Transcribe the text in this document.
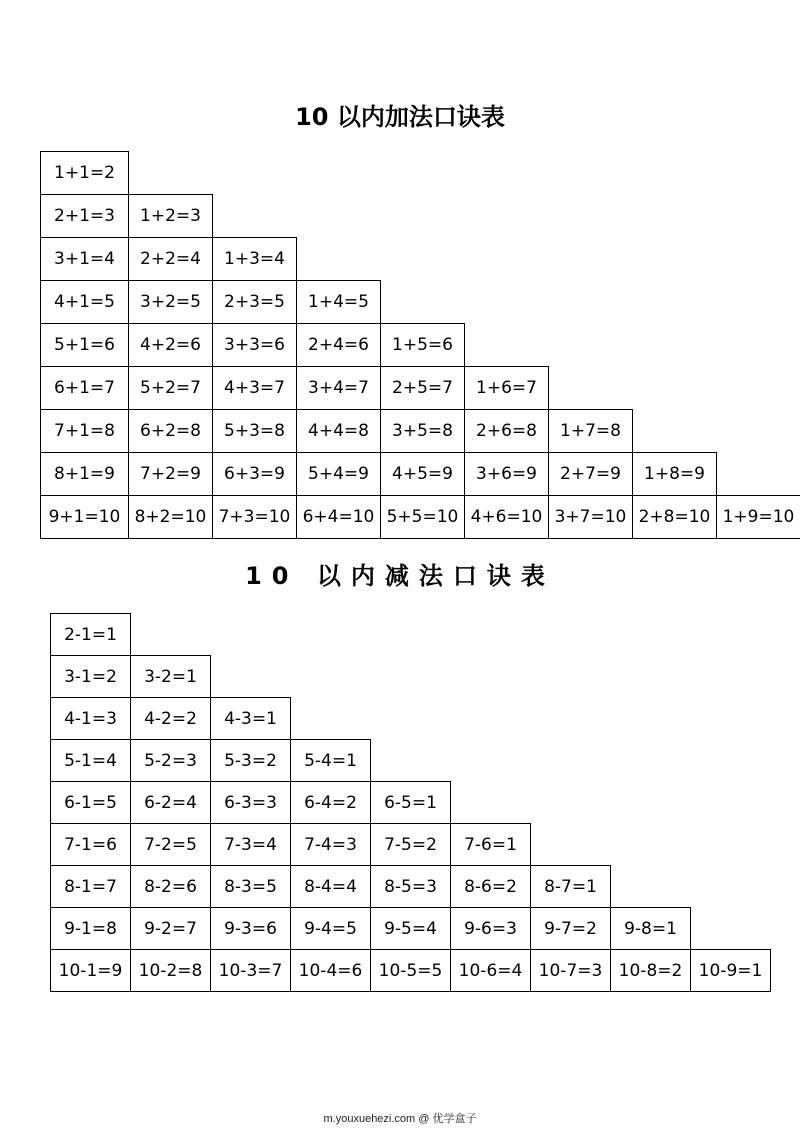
10 以内加法口诀表
1+1=2
2+1=3	1+2=3
3+1=4	2+2=4	1+3=4
4+1=5	3+2=5	2+3=5	1+4=5
5+1=6	4+2=6	3+3=6	2+4=6	1+5=6
6+1=7	5+2=7	4+3=7	3+4=7	2+5=7	1+6=7
7+1=8	6+2=8	5+3=8	4+4=8	3+5=8	2+6=8	1+7=8
8+1=9	7+2=9	6+3=9	5+4=9	4+5=9	3+6=9	2+7=9	1+8=9
9+1=10 8+2=10 7+3=10 6+4=10 5+5=10 4+6=10 3+7=10 2+8=10 1+9=10
10 以内减法口诀表
2-1=1
3-1=2	3-2=1
4-1=3	4-2=2	4-3=1
5-1=4	5-2=3	5-3=2	5-4=1
6-1=5	6-2=4	6-3=3	6-4=2	6-5=1
7-1=6	7-2=5	7-3=4	7-4=3	7-5=2	7-6=1
8-1=7	8-2=6	8-3=5	8-4=4	8-5=3	8-6=2	8-7=1
9-1=8	9-2=7	9-3=6	9-4=5	9-5=4	9-6=3	9-7=2	9-8=1
10-1=9 10-2=8 10-3=7 10-4=6 10-5=5 10-6=4 10-7=3 10-8=2 10-9=1
m.youxuehezi.com @ 优学盒子
